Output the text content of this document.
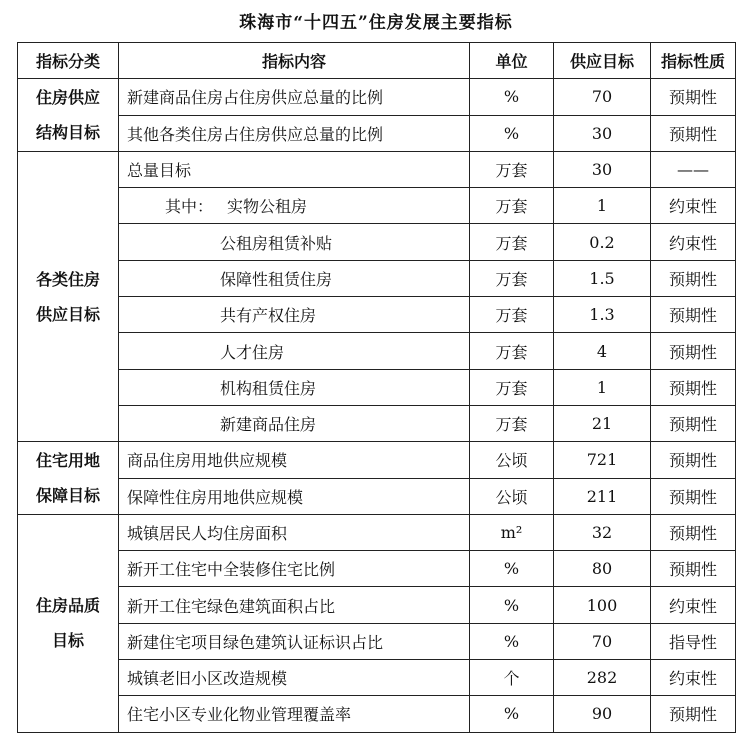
珠海市“十四五”住房发展主要指标
指标分类	指标内容	单位	供应目标	指标性质

住房供应
结构目标	新建商品住房占住房供应总量的比例	%	70	预期性
	其他各类住房占住房供应总量的比例	%	30	预期性

各类住房
供应目标	总量目标	万套	30	——
	其中： 实物公租房	万套	1	约束性
	公租房租赁补贴	万套	0.2	约束性
	保障性租赁住房	万套	1.5	预期性
	共有产权住房	万套	1.3	预期性
	人才住房	万套	4	预期性
	机构租赁住房	万套	1	预期性
	新建商品住房	万套	21	预期性

住宅用地
保障目标	商品住房用地供应规模	公顷	721	预期性
	保障性住房用地供应规模	公顷	211	预期性

住房品质
目标	城镇居民人均住房面积	m²	32	预期性
	新开工住宅中全装修住宅比例	%	80	预期性
	新开工住宅绿色建筑面积占比	%	100	约束性
	新建住宅项目绿色建筑认证标识占比	%	70	指导性
	城镇老旧小区改造规模	个	282	约束性
	住宅小区专业化物业管理覆盖率	%	90	预期性
